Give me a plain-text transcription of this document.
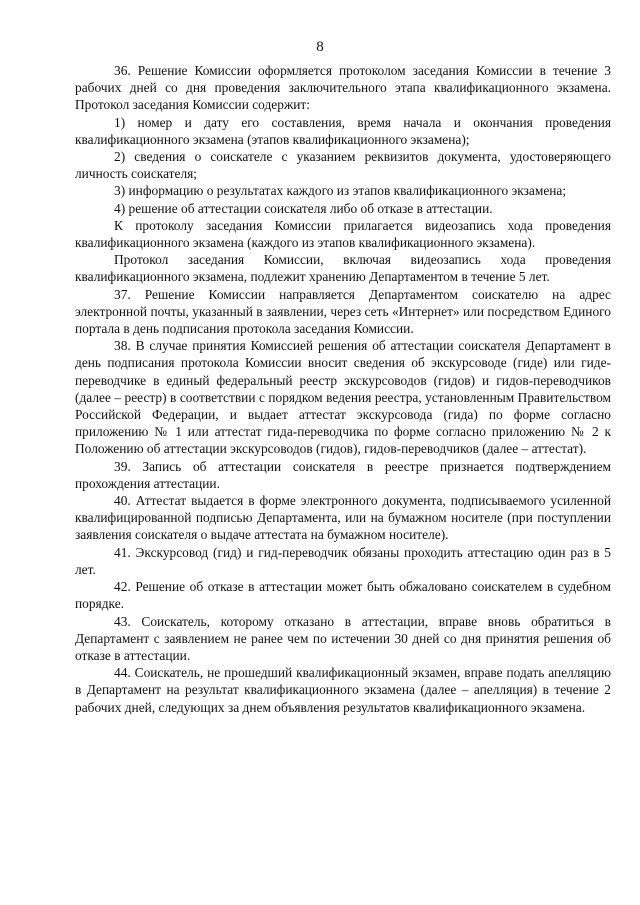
8

36. Решение Комиссии оформляется протоколом заседания Комиссии в течение 3 рабочих дней со дня проведения заключительного этапа квалификационного экзамена. Протокол заседания Комиссии содержит:

1) номер и дату его составления, время начала и окончания проведения квалификационного экзамена (этапов квалификационного экзамена);

2) сведения о соискателе с указанием реквизитов документа, удостоверяющего личность соискателя;

3) информацию о результатах каждого из этапов квалификационного экзамена;

4) решение об аттестации соискателя либо об отказе в аттестации.

К протоколу заседания Комиссии прилагается видеозапись хода проведения квалификационного экзамена (каждого из этапов квалификационного экзамена).

Протокол заседания Комиссии, включая видеозапись хода проведения квалификационного экзамена, подлежит хранению Департаментом в течение 5 лет.

37. Решение Комиссии направляется Департаментом соискателю на адрес электронной почты, указанный в заявлении, через сеть «Интернет» или посредством Единого портала в день подписания протокола заседания Комиссии.

38. В случае принятия Комиссией решения об аттестации соискателя Департамент в день подписания протокола Комиссии вносит сведения об экскурсоводе (гиде) или гиде-переводчике в единый федеральный реестр экскурсоводов (гидов) и гидов-переводчиков (далее – реестр) в соответствии с порядком ведения реестра, установленным Правительством Российской Федерации, и выдает аттестат экскурсовода (гида) по форме согласно приложению № 1 или аттестат гида-переводчика по форме согласно приложению № 2 к Положению об аттестации экскурсоводов (гидов), гидов-переводчиков (далее – аттестат).

39. Запись об аттестации соискателя в реестре признается подтверждением прохождения аттестации.

40. Аттестат выдается в форме электронного документа, подписываемого усиленной квалифицированной подписью Департамента, или на бумажном носителе (при поступлении заявления соискателя о выдаче аттестата на бумажном носителе).

41. Экскурсовод (гид) и гид-переводчик обязаны проходить аттестацию один раз в 5 лет.

42. Решение об отказе в аттестации может быть обжаловано соискателем в судебном порядке.

43. Соискатель, которому отказано в аттестации, вправе вновь обратиться в Департамент с заявлением не ранее чем по истечении 30 дней со дня принятия решения об отказе в аттестации.

44. Соискатель, не прошедший квалификационный экзамен, вправе подать апелляцию в Департамент на результат квалификационного экзамена (далее – апелляция) в течение 2 рабочих дней, следующих за днем объявления результатов квалификационного экзамена.
